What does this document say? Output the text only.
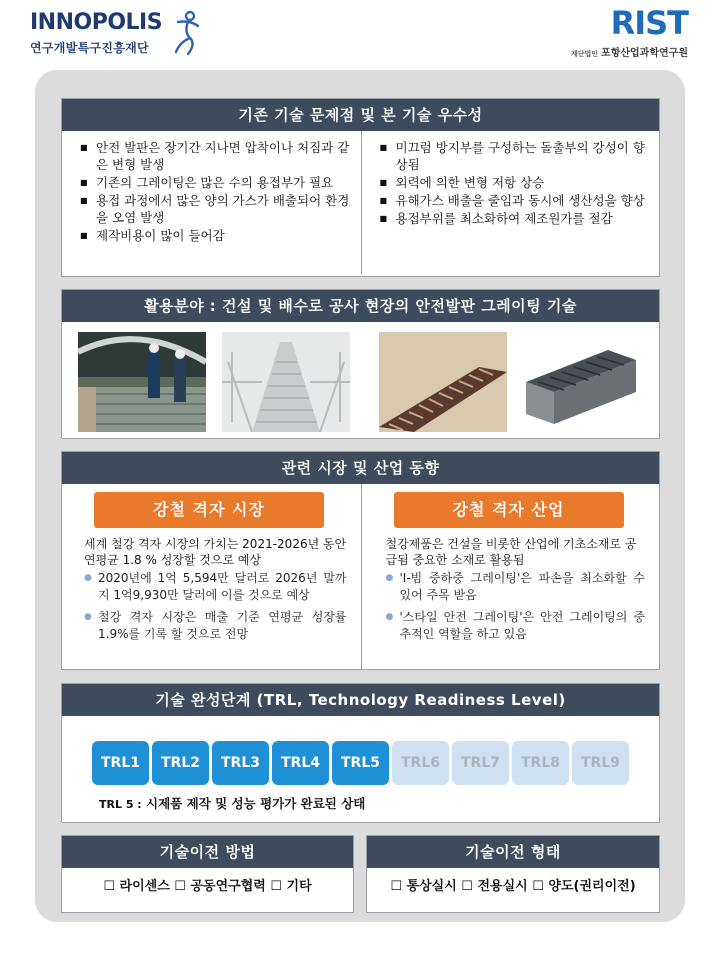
INNOPOLIS
연구개발특구진흥재단
RIST
재단법인 포항산업과학연구원
기존 기술 문제점 및 본 기술 우수성
■ 안전 발판은 장기간 지나면 압착이나 처짐과 같은 변형 발생
■ 기존의 그레이팅은 많은 수의 용접부가 필요
■ 용접 과정에서 많은 양의 가스가 배출되어 환경을 오염 발생
■ 제작비용이 많이 들어감
■ 미끄럼 방지부를 구성하는 돌출부의 강성이 향상됨
■ 외력에 의한 변형 저항 상승
■ 유해가스 배출을 줄임과 동시에 생산성을 향상
■ 용접부위를 최소화하여 제조원가를 절감
활용분야 : 건설 및 배수로 공사 현장의 안전발판 그레이팅 기술
관련 시장 및 산업 동향
강철 격자 시장
세계 철강 격자 시장의 가치는 2021-2026년 동안 연평균 1.8 % 성장할 것으로 예상
● 2020년에 1억 5,594만 달러로 2026년 말까지 1억9,930만 달러에 이를 것으로 예상
● 철강 격자 시장은 매출 기준 연평균 성장률 1.9%를 기록 할 것으로 전망
강철 격자 산업
철강제품은 건설을 비롯한 산업에 기초소재로 공급됨 중요한 소재로 활용됨
● 'I-빔 중하중 그레이팅'은 파손을 최소화할 수 있어 주목 받음
● '스타일 안전 그레이팅'은 안전 그레이팅의 중추적인 역할을 하고 있음
기술 완성단계 (TRL, Technology Readiness Level)
TRL1	TRL2	TRL3	TRL4	TRL5	TRL6	TRL7	TRL8	TRL9
TRL 5 : 시제품 제작 및 성능 평가가 완료된 상태
기술이전 방법
☐ 라이센스 ☐ 공동연구협력 ☐ 기타
기술이전 형태
☐ 통상실시 ☐ 전용실시 ☐ 양도(권리이전)
